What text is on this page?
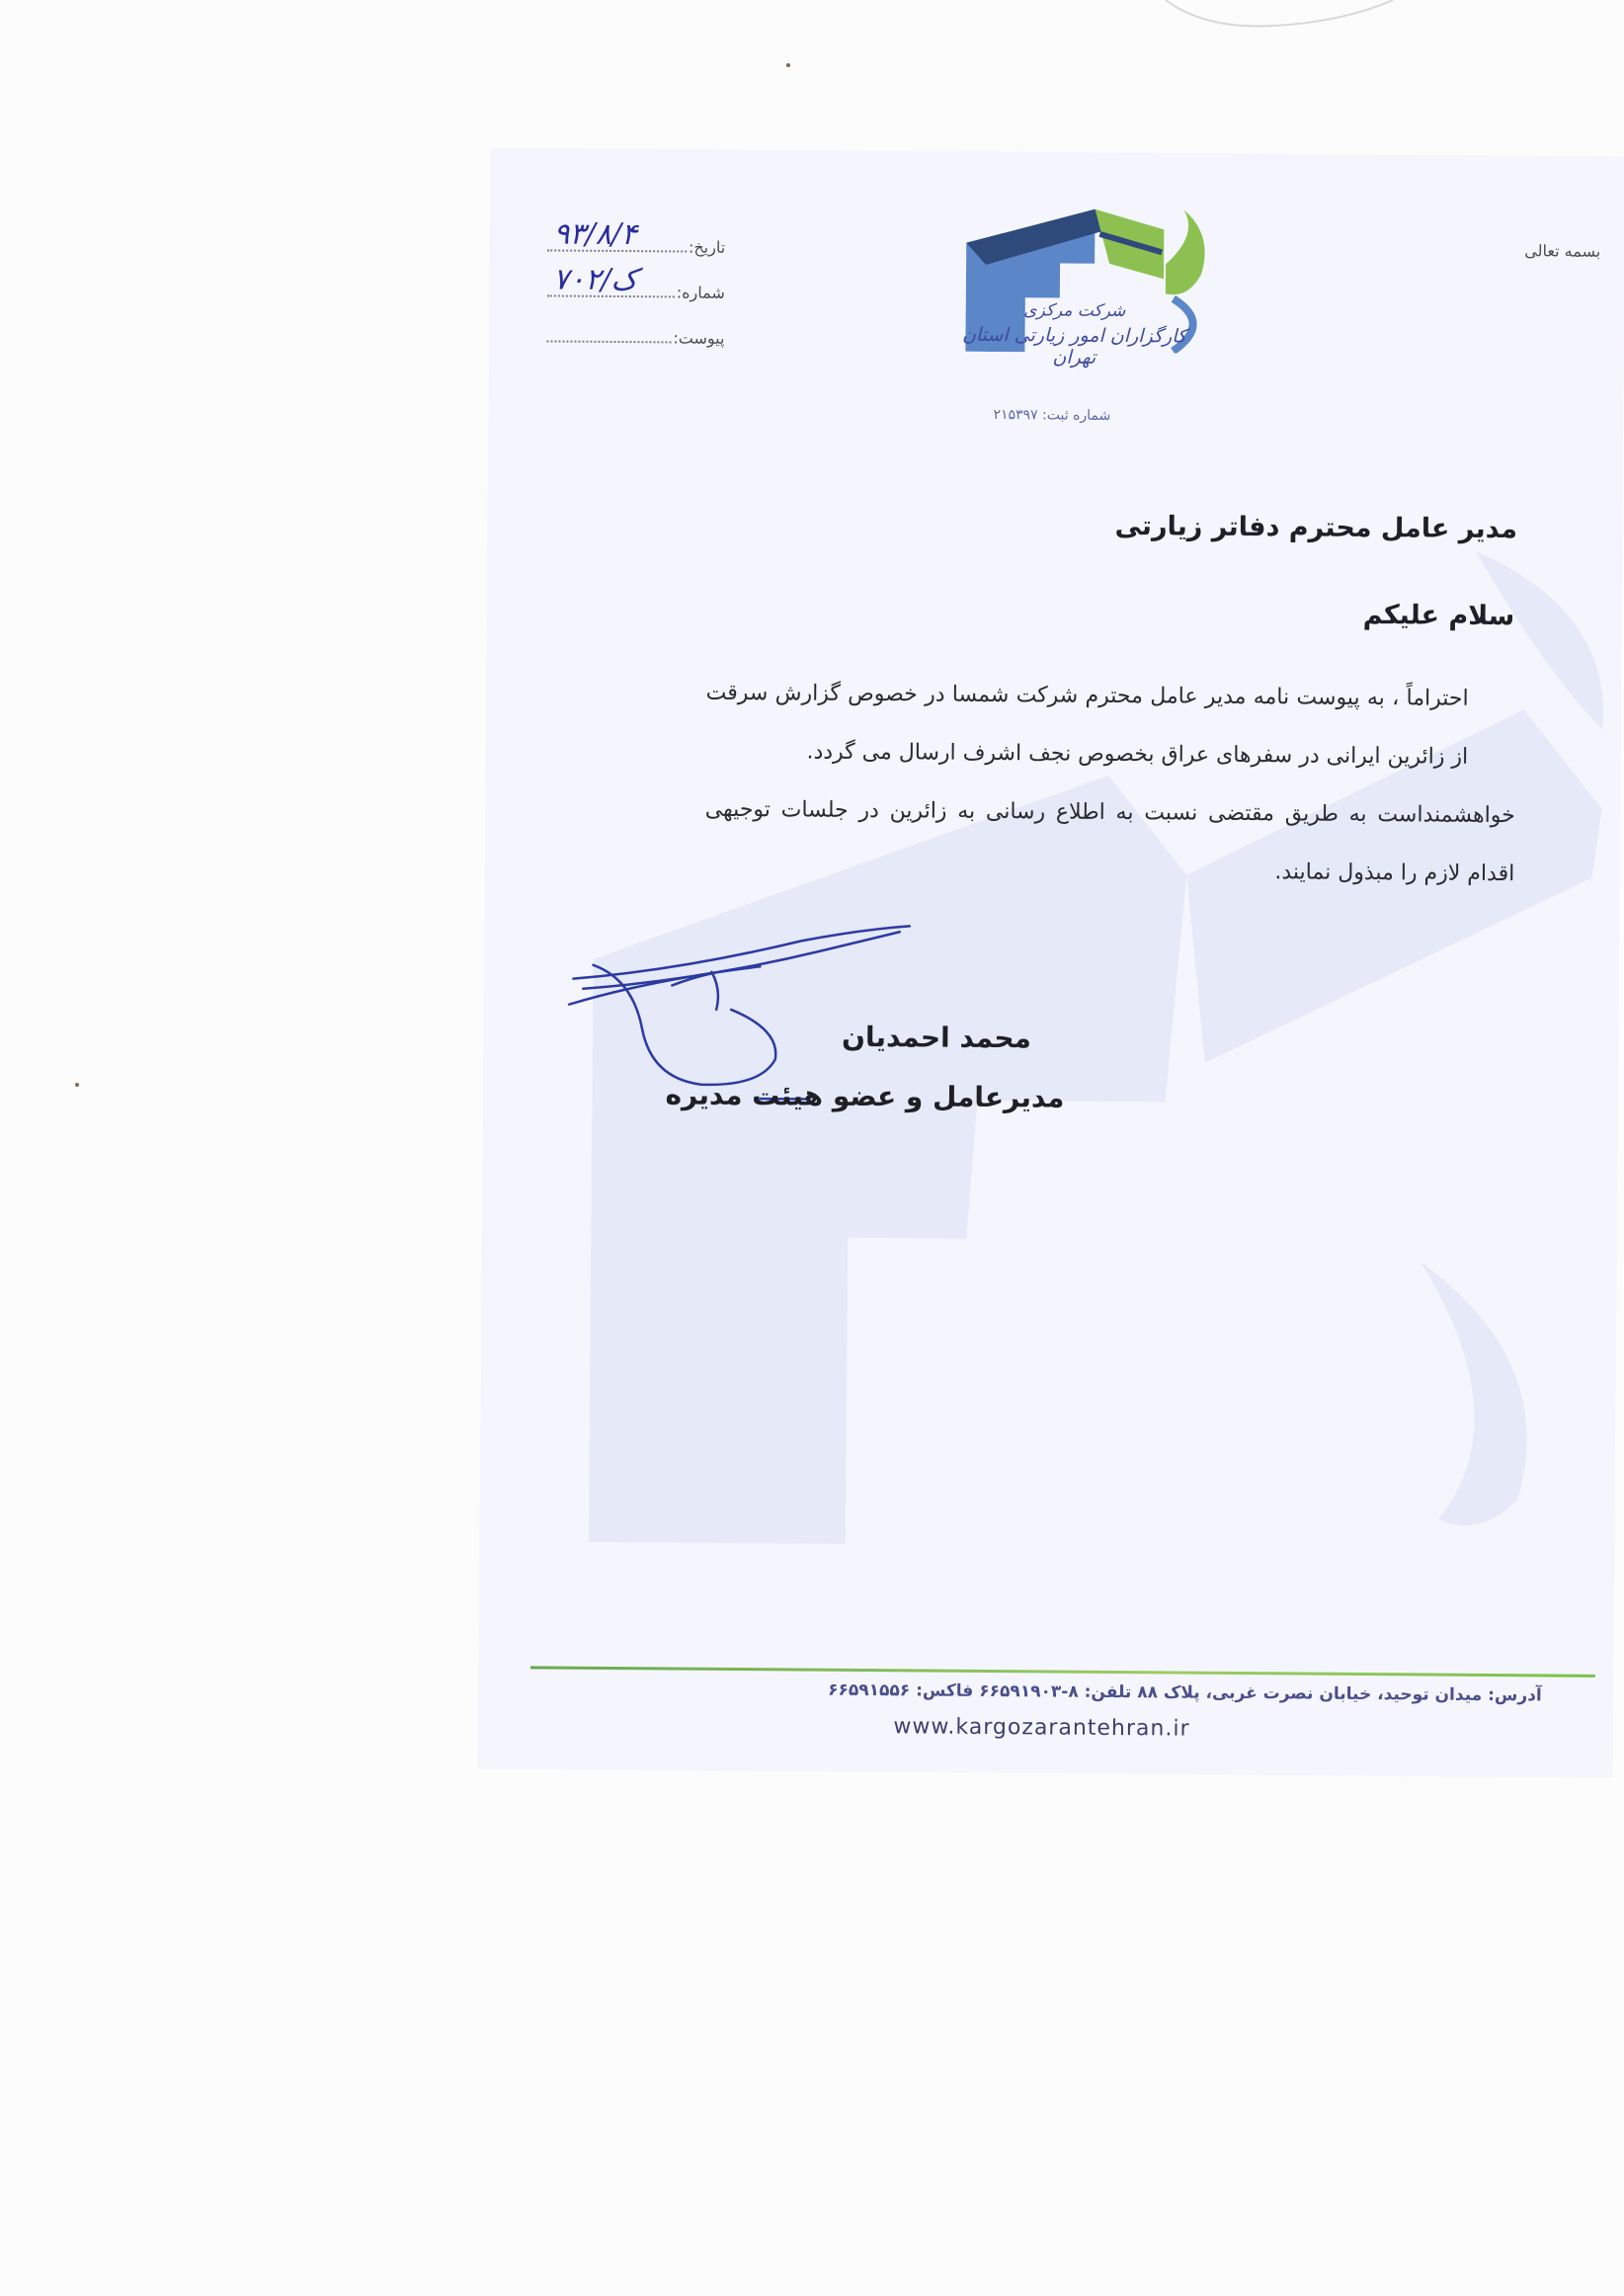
بسمه تعالی
شرکت مرکزی
کارگزاران امور زیارتی استان تهران
شماره ثبت: ۲۱۵۳۹۷
تاریخ:
۹۳/۸/۴
شماره:
ک/۷۰۲
پیوست:
مدیر عامل محترم دفاتر زیارتی
سلام علیکم

احتراماً ، به پیوست نامه مدیر عامل محترم شرکت شمسا در خصوص گزارش سرقت از زائرین ایرانی در سفرهای عراق بخصوص نجف اشرف ارسال می گردد.

خواهشمنداست به طریق مقتضی نسبت به اطلاع رسانی به زائرین در جلسات توجیهی اقدام لازم را مبذول نمایند.

محمد احمدیان
مدیرعامل و عضو هیئت مدیره
آدرس: میدان توحید، خیابان نصرت غربی، پلاک ۸۸ تلفن: ۸-۶۶۵۹۱۹۰۳ فاکس: ۶۶۵۹۱۵۵۶
www.kargozarantehran.ir
